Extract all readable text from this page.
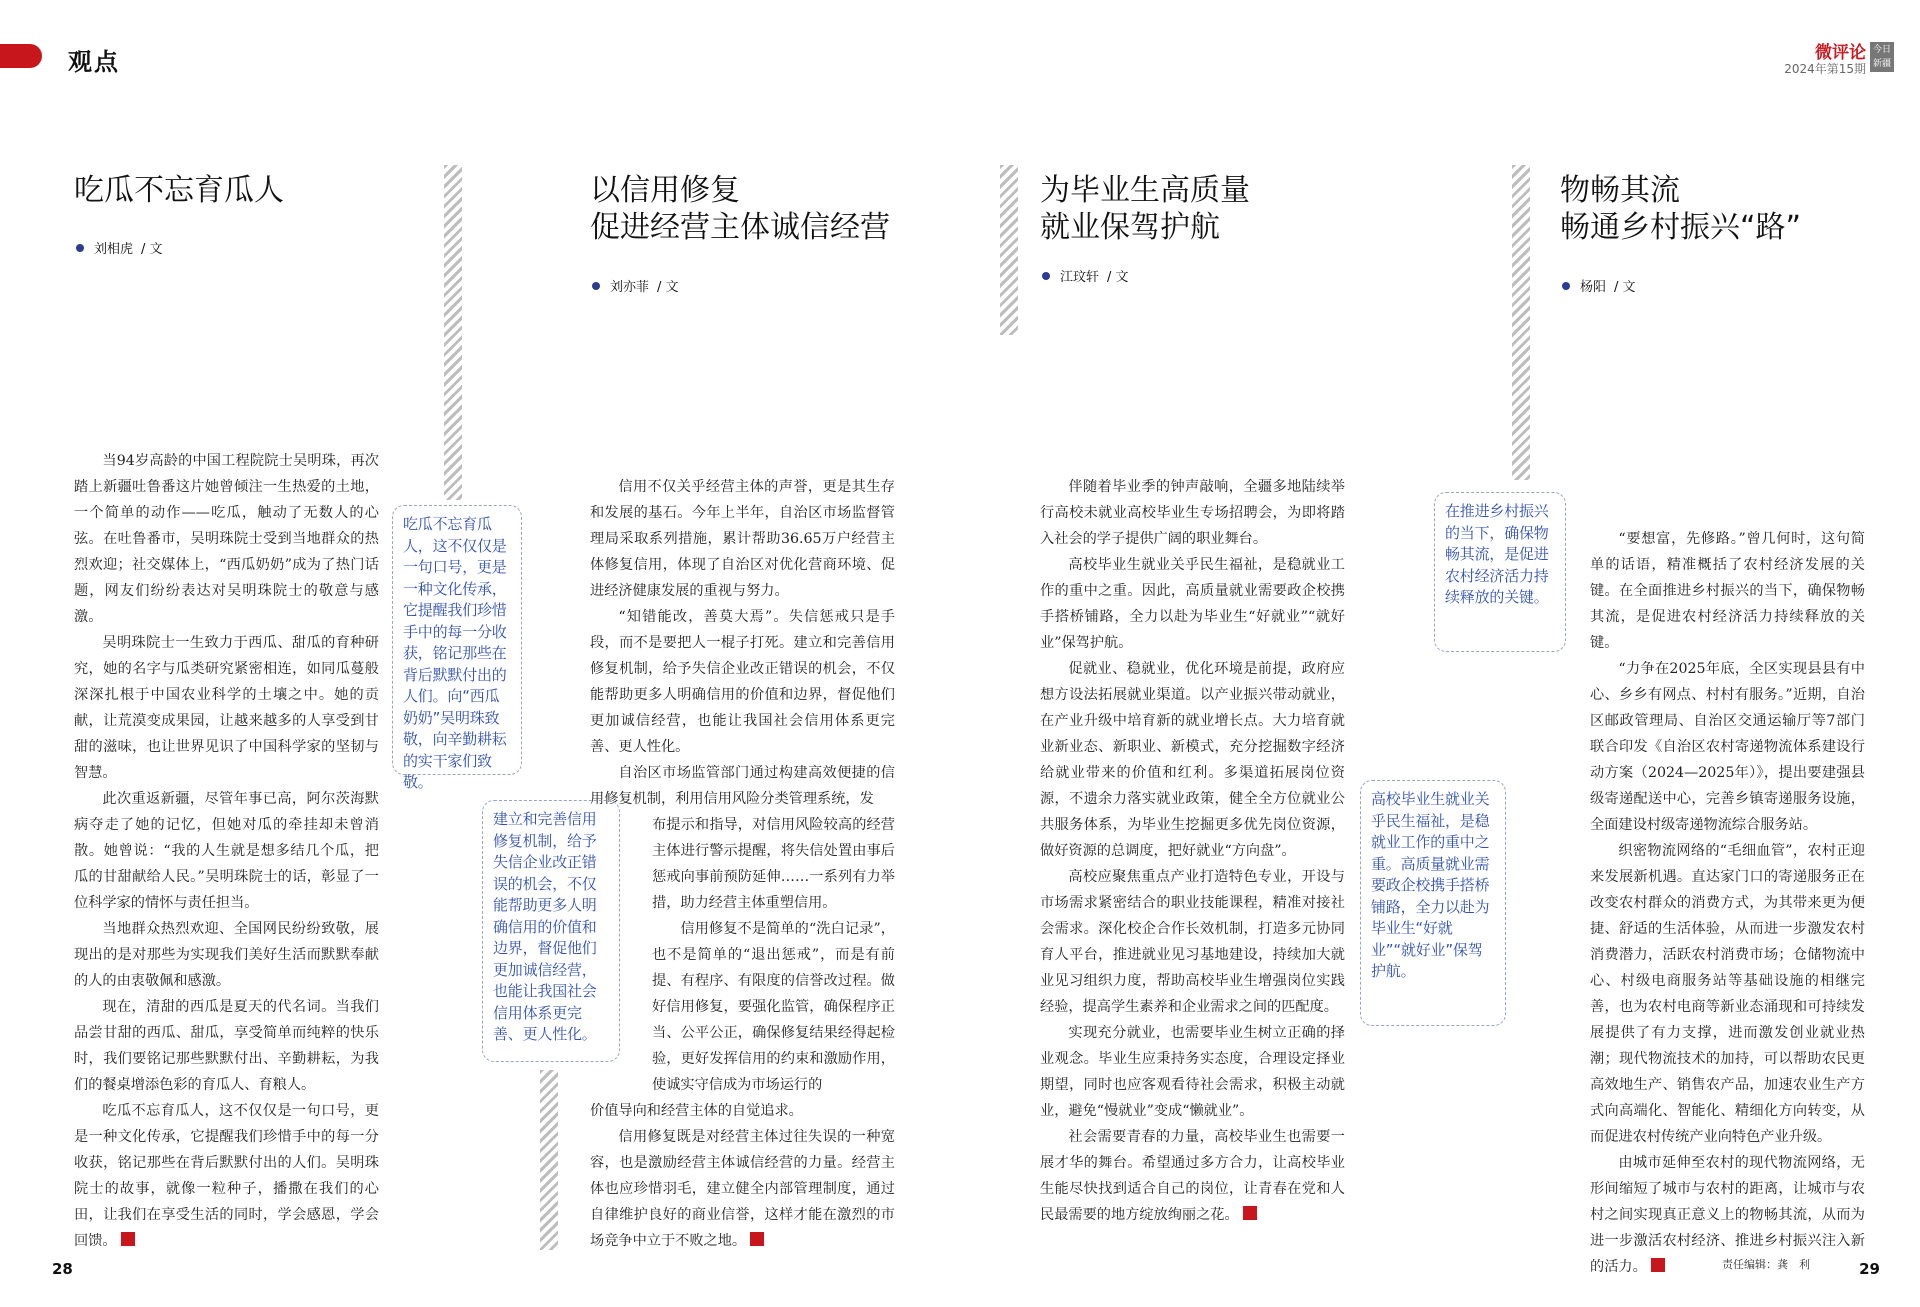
观点	微评论
2024年第15期
今日新疆
吃瓜不忘育瓜人
刘相虎 / 文

当94岁高龄的中国工程院院士吴明珠，再次踏上新疆吐鲁番这片她曾倾注一生热爱的土地，一个简单的动作——吃瓜，触动了无数人的心弦。在吐鲁番市，吴明珠院士受到当地群众的热烈欢迎；社交媒体上，“西瓜奶奶”成为了热门话题，网友们纷纷表达对吴明珠院士的敬意与感激。

吴明珠院士一生致力于西瓜、甜瓜的育种研究，她的名字与瓜类研究紧密相连，如同瓜蔓般深深扎根于中国农业科学的土壤之中。她的贡献，让荒漠变成果园，让越来越多的人享受到甘甜的滋味，也让世界见识了中国科学家的坚韧与智慧。

此次重返新疆，尽管年事已高，阿尔茨海默病夺走了她的记忆，但她对瓜的牵挂却未曾消散。她曾说：“我的人生就是想多结几个瓜，把瓜的甘甜献给人民。”吴明珠院士的话，彰显了一位科学家的情怀与责任担当。

当地群众热烈欢迎、全国网民纷纷致敬，展现出的是对那些为实现我们美好生活而默默奉献的人的由衷敬佩和感激。

现在，清甜的西瓜是夏天的代名词。当我们品尝甘甜的西瓜、甜瓜，享受简单而纯粹的快乐时，我们要铭记那些默默付出、辛勤耕耘，为我们的餐桌增添色彩的育瓜人、育粮人。

吃瓜不忘育瓜人，这不仅仅是一句口号，更是一种文化传承，它提醒我们珍惜手中的每一分收获，铭记那些在背后默默付出的人们。吴明珠院士的故事，就像一粒种子，播撒在我们的心田，让我们在享受生活的同时，学会感恩，学会回馈。

吃瓜不忘育瓜人，这不仅仅是一句口号，更是一种文化传承，它提醒我们珍惜手中的每一分收获，铭记那些在背后默默付出的人们。向“西瓜奶奶”吴明珠致敬，向辛勤耕耘的实干家们致敬。
以信用修复
促进经营主体诚信经营
刘亦菲 / 文

信用不仅关乎经营主体的声誉，更是其生存和发展的基石。今年上半年，自治区市场监督管理局采取系列措施，累计帮助36.65万户经营主体修复信用，体现了自治区对优化营商环境、促进经济健康发展的重视与努力。

“知错能改，善莫大焉”。失信惩戒只是手段，而不是要把人一棍子打死。建立和完善信用修复机制，给予失信企业改正错误的机会，不仅能帮助更多人明确信用的价值和边界，督促他们更加诚信经营，也能让我国社会信用体系更完善、更人性化。

自治区市场监管部门通过构建高效便捷的信用修复机制，利用信用风险分类管理系统，发

布提示和指导，对信用风险较高的经营主体进行警示提醒，将失信处置由事后惩戒向事前预防延伸……一系列有力举措，助力经营主体重塑信用。

信用修复不是简单的“洗白记录”，也不是简单的“退出惩戒”，而是有前提、有程序、有限度的信誉改过程。做好信用修复，要强化监管，确保程序正当、公平公正，确保修复结果经得起检验，更好发挥信用的约束和激励作用，使诚实守信成为市场运行的

价值导向和经营主体的自觉追求。

信用修复既是对经营主体过往失误的一种宽容，也是激励经营主体诚信经营的力量。经营主体也应珍惜羽毛，建立健全内部管理制度，通过自律维护良好的商业信誉，这样才能在激烈的市场竞争中立于不败之地。

建立和完善信用修复机制，给予失信企业改正错误的机会，不仅能帮助更多人明确信用的价值和边界，督促他们更加诚信经营，也能让我国社会信用体系更完善、更人性化。
为毕业生高质量
就业保驾护航
江玟轩 / 文

伴随着毕业季的钟声敲响，全疆多地陆续举行高校未就业高校毕业生专场招聘会，为即将踏入社会的学子提供广阔的职业舞台。

高校毕业生就业关乎民生福祉，是稳就业工作的重中之重。因此，高质量就业需要政企校携手搭桥铺路，全力以赴为毕业生“好就业”“就好业”保驾护航。

促就业、稳就业，优化环境是前提，政府应想方设法拓展就业渠道。以产业振兴带动就业，在产业升级中培育新的就业增长点。大力培育就业新业态、新职业、新模式，充分挖掘数字经济给就业带来的价值和红利。多渠道拓展岗位资源，不遗余力落实就业政策，健全全方位就业公共服务体系，为毕业生挖掘更多优先岗位资源，做好资源的总调度，把好就业“方向盘”。

高校应聚焦重点产业打造特色专业，开设与市场需求紧密结合的职业技能课程，精准对接社会需求。深化校企合作长效机制，打造多元协同育人平台，推进就业见习基地建设，持续加大就业见习组织力度，帮助高校毕业生增强岗位实践经验，提高学生素养和企业需求之间的匹配度。

实现充分就业，也需要毕业生树立正确的择业观念。毕业生应秉持务实态度，合理设定择业期望，同时也应客观看待社会需求，积极主动就业，避免“慢就业”变成“懒就业”。

社会需要青春的力量，高校毕业生也需要一展才华的舞台。希望通过多方合力，让高校毕业生能尽快找到适合自己的岗位，让青春在党和人民最需要的地方绽放绚丽之花。

高校毕业生就业关乎民生福祉，是稳就业工作的重中之重。高质量就业需要政企校携手搭桥铺路，全力以赴为毕业生“好就业”“就好业”保驾护航。
物畅其流
畅通乡村振兴“路”
杨阳 / 文

“要想富，先修路。”曾几何时，这句简单的话语，精准概括了农村经济发展的关键。在全面推进乡村振兴的当下，确保物畅其流，是促进农村经济活力持续释放的关键。

“力争在2025年底，全区实现县县有中心、乡乡有网点、村村有服务。”近期，自治区邮政管理局、自治区交通运输厅等7部门联合印发《自治区农村寄递物流体系建设行动方案（2024—2025年）》，提出要建强县级寄递配送中心，完善乡镇寄递服务设施，全面建设村级寄递物流综合服务站。

织密物流网络的“毛细血管”，农村正迎来发展新机遇。直达家门口的寄递服务正在改变农村群众的消费方式，为其带来更为便捷、舒适的生活体验，从而进一步激发农村消费潜力，活跃农村消费市场；仓储物流中心、村级电商服务站等基础设施的相继完善，也为农村电商等新业态涌现和可持续发展提供了有力支撑，进而激发创业就业热潮；现代物流技术的加持，可以帮助农民更高效地生产、销售农产品，加速农业生产方式向高端化、智能化、精细化方向转变，从而促进农村传统产业向特色产业升级。

由城市延伸至农村的现代物流网络，无形间缩短了城市与农村的距离，让城市与农村之间实现真正意义上的物畅其流，从而为进一步激活农村经济、推进乡村振兴注入新的活力。

在推进乡村振兴的当下，确保物畅其流，是促进农村经济活力持续释放的关键。
28	29
责任编辑：龚　利
